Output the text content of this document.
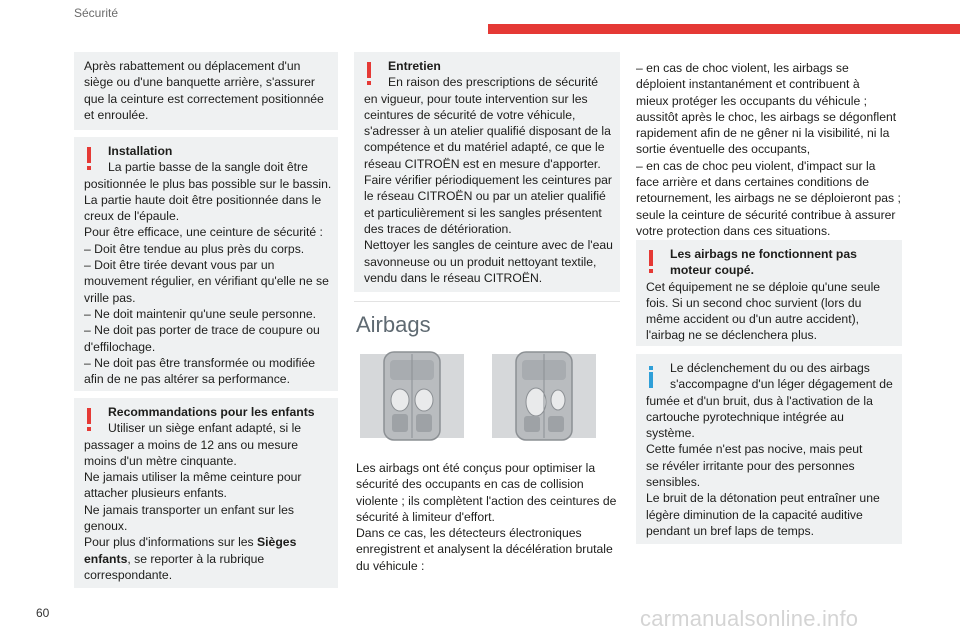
Sécurité
Après rabattement ou déplacement d'un
siège ou d'une banquette arrière, s'assurer
que la ceinture est correctement positionnée
et enroulée.
Installation
La partie basse de la sangle doit être
positionnée le plus bas possible sur le bassin.
La partie haute doit être positionnée dans le
creux de l'épaule.
Pour être efficace, une ceinture de sécurité :
– Doit être tendue au plus près du corps.
– Doit être tirée devant vous par un
mouvement régulier, en vérifiant qu'elle ne se
vrille pas.
– Ne doit maintenir qu'une seule personne.
– Ne doit pas porter de trace de coupure ou
d'effilochage.
– Ne doit pas être transformée ou modifiée
afin de ne pas altérer sa performance.
Recommandations pour les enfants
Utiliser un siège enfant adapté, si le
passager a moins de 12 ans ou mesure
moins d'un mètre cinquante.
Ne jamais utiliser la même ceinture pour
attacher plusieurs enfants.
Ne jamais transporter un enfant sur les
genoux.
Pour plus d'informations sur les Sièges
enfants, se reporter à la rubrique
correspondante.
Entretien
En raison des prescriptions de sécurité
en vigueur, pour toute intervention sur les
ceintures de sécurité de votre véhicule,
s'adresser à un atelier qualifié disposant de la
compétence et du matériel adapté, ce que le
réseau CITROËN est en mesure d'apporter.
Faire vérifier périodiquement les ceintures par
le réseau CITROËN ou par un atelier qualifié
et particulièrement si les sangles présentent
des traces de détérioration.
Nettoyer les sangles de ceinture avec de l'eau
savonneuse ou un produit nettoyant textile,
vendu dans le réseau CITROËN.
Airbags
Les airbags ont été conçus pour optimiser la
sécurité des occupants en cas de collision
violente ; ils complètent l'action des ceintures de
sécurité à limiteur d'effort.
Dans ce cas, les détecteurs électroniques
enregistrent et analysent la décélération brutale
du véhicule :
– en cas de choc violent, les airbags se
déploient instantanément et contribuent à
mieux protéger les occupants du véhicule ;
aussitôt après le choc, les airbags se dégonflent
rapidement afin de ne gêner ni la visibilité, ni la
sortie éventuelle des occupants,
– en cas de choc peu violent, d'impact sur la
face arrière et dans certaines conditions de
retournement, les airbags ne se déploieront pas ;
seule la ceinture de sécurité contribue à assurer
votre protection dans ces situations.
Les airbags ne fonctionnent pas
moteur coupé.
Cet équipement ne se déploie qu'une seule
fois. Si un second choc survient (lors du
même accident ou d'un autre accident),
l'airbag ne se déclenchera plus.
Le déclenchement du ou des airbags
s'accompagne d'un léger dégagement de
fumée et d'un bruit, dus à l'activation de la
cartouche pyrotechnique intégrée au
système.
Cette fumée n'est pas nocive, mais peut
se révéler irritante pour des personnes
sensibles.
Le bruit de la détonation peut entraîner une
légère diminution de la capacité auditive
pendant un bref laps de temps.
60	carmanualsonline.info
